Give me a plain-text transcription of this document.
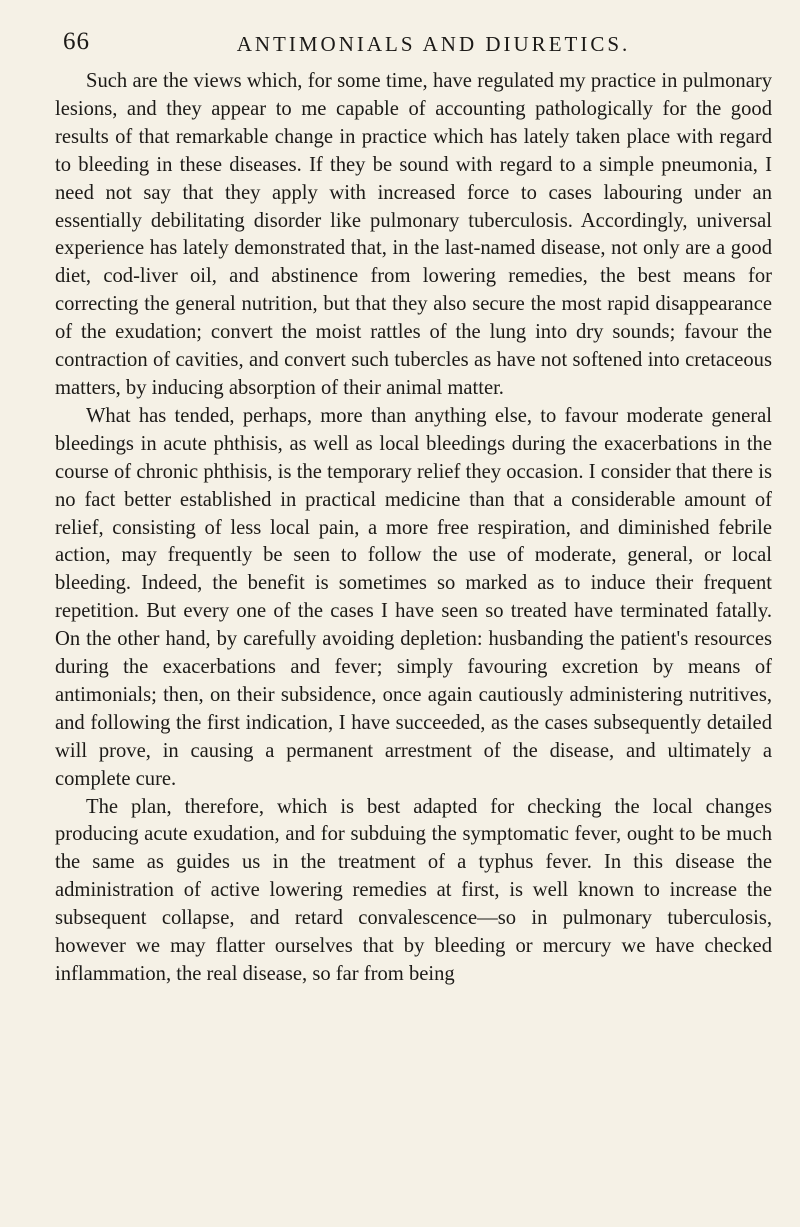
66	ANTIMONIALS AND DIURETICS.

Such are the views which, for some time, have regulated my practice in pulmonary lesions, and they appear to me capable of accounting pathologically for the good results of that remarkable change in practice which has lately taken place with regard to bleeding in these diseases. If they be sound with regard to a simple pneumonia, I need not say that they apply with increased force to cases labouring under an essentially debilitating disorder like pulmonary tuberculosis. Accordingly, universal experience has lately demonstrated that, in the last-named disease, not only are a good diet, cod-liver oil, and abstinence from lowering remedies, the best means for correcting the general nutrition, but that they also secure the most rapid disappearance of the exudation; convert the moist rattles of the lung into dry sounds; favour the contraction of cavities, and convert such tubercles as have not softened into cretaceous matters, by inducing absorption of their animal matter.

What has tended, perhaps, more than anything else, to favour moderate general bleedings in acute phthisis, as well as local bleedings during the exacerbations in the course of chronic phthisis, is the temporary relief they occasion. I consider that there is no fact better established in practical medicine than that a considerable amount of relief, consisting of less local pain, a more free respiration, and diminished febrile action, may frequently be seen to follow the use of moderate, general, or local bleeding. Indeed, the benefit is sometimes so marked as to induce their frequent repetition. But every one of the cases I have seen so treated have terminated fatally. On the other hand, by carefully avoiding depletion: husbanding the patient's resources during the exacerbations and fever; simply favouring excretion by means of antimonials; then, on their subsidence, once again cautiously administering nutritives, and following the first indication, I have succeeded, as the cases subsequently detailed will prove, in causing a permanent arrestment of the disease, and ultimately a complete cure.

The plan, therefore, which is best adapted for checking the local changes producing acute exudation, and for subduing the symptomatic fever, ought to be much the same as guides us in the treatment of a typhus fever. In this disease the administration of active lowering remedies at first, is well known to increase the subsequent collapse, and retard convalescence—so in pulmonary tuberculosis, however we may flatter ourselves that by bleeding or mercury we have checked inflammation, the real disease, so far from being
